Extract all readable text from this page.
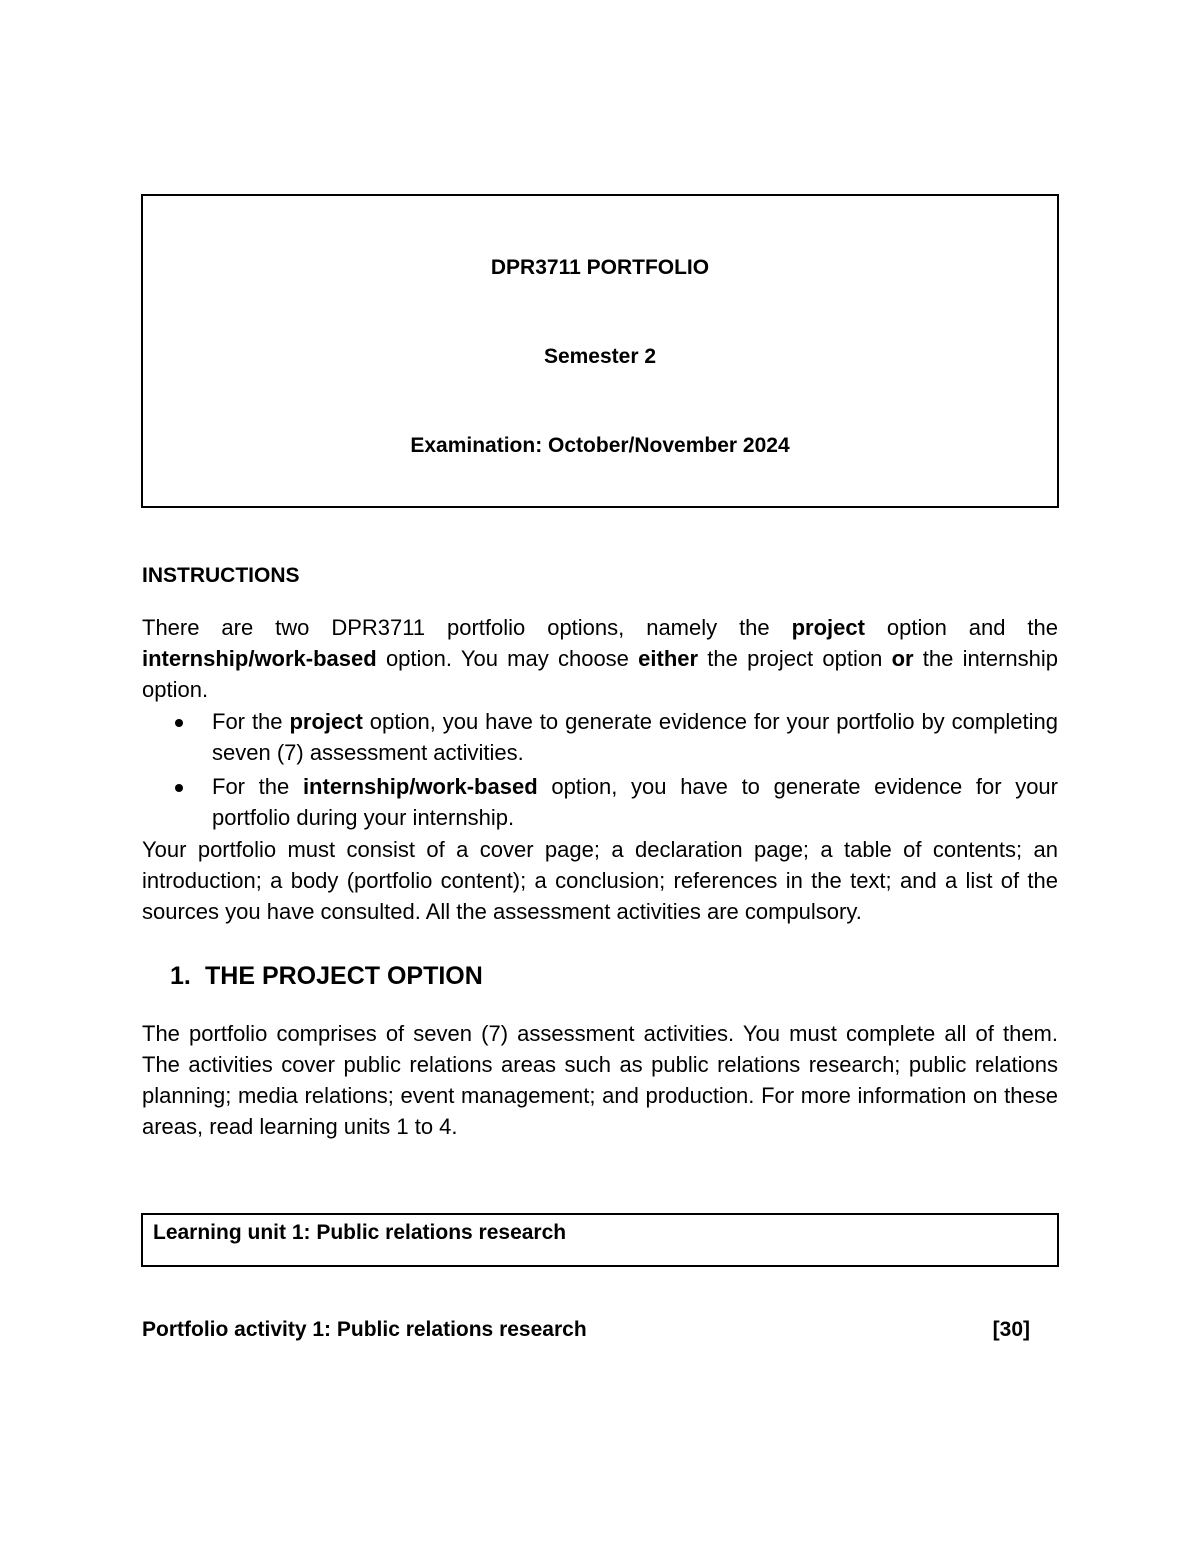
DPR3711 PORTFOLIO
Semester 2
Examination: October/November 2024
INSTRUCTIONS
There are two DPR3711 portfolio options, namely the project option and the internship/work-based option. You may choose either the project option or the internship option.
For the project option, you have to generate evidence for your portfolio by completing seven (7) assessment activities.
For the internship/work-based option, you have to generate evidence for your portfolio during your internship.
Your portfolio must consist of a cover page; a declaration page; a table of contents; an introduction; a body (portfolio content); a conclusion; references in the text; and a list of the sources you have consulted. All the assessment activities are compulsory.
1. THE PROJECT OPTION
The portfolio comprises of seven (7) assessment activities. You must complete all of them. The activities cover public relations areas such as public relations research; public relations planning; media relations; event management; and production. For more information on these areas, read learning units 1 to 4.
Learning unit 1: Public relations research
Portfolio activity 1: Public relations research	[30]
